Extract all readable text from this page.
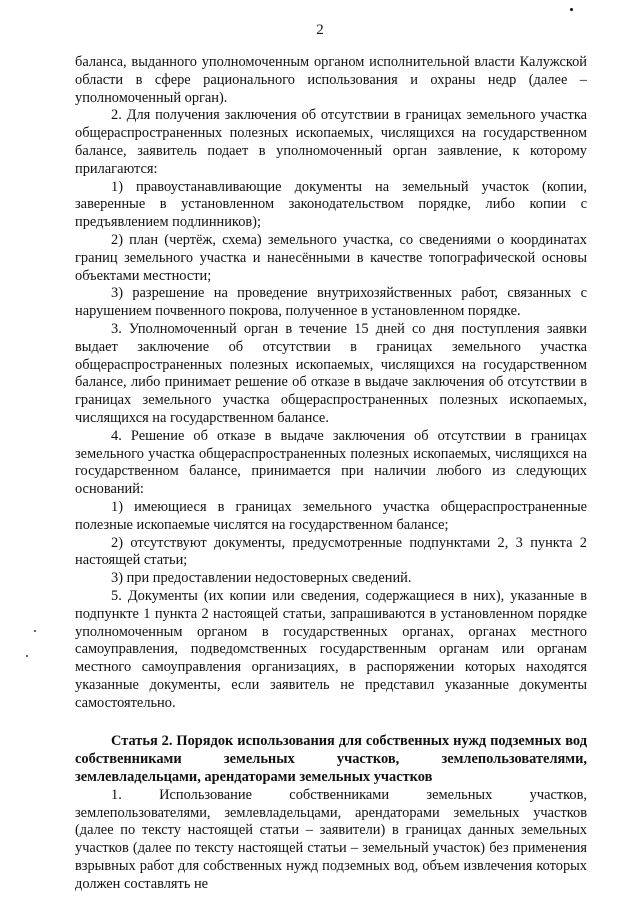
2

баланса, выданного уполномоченным органом исполнительной власти Калужской области в сфере рационального использования и охраны недр (далее – уполномоченный орган).

2. Для получения заключения об отсутствии в границах земельного участка общераспространенных полезных ископаемых, числящихся на государственном балансе, заявитель подает в уполномоченный орган заявление, к которому прилагаются:

1) правоустанавливающие документы на земельный участок (копии, заверенные в установленном законодательством порядке, либо копии с предъявлением подлинников);

2) план (чертёж, схема) земельного участка, со сведениями о координатах границ земельного участка и нанесёнными в качестве топографической основы объектами местности;

3) разрешение на проведение внутрихозяйственных работ, связанных с нарушением почвенного покрова, полученное в установленном порядке.

3. Уполномоченный орган в течение 15 дней со дня поступления заявки выдает заключение об отсутствии в границах земельного участка общераспространенных полезных ископаемых, числящихся на государственном балансе, либо принимает решение об отказе в выдаче заключения об отсутствии в границах земельного участка общераспространенных полезных ископаемых, числящихся на государственном балансе.

4. Решение об отказе в выдаче заключения об отсутствии в границах земельного участка общераспространенных полезных ископаемых, числящихся на государственном балансе, принимается при наличии любого из следующих оснований:

1) имеющиеся в границах земельного участка общераспространенные полезные ископаемые числятся на государственном балансе;

2) отсутствуют документы, предусмотренные подпунктами 2, 3 пункта 2 настоящей статьи;

3) при предоставлении недостоверных сведений.

5. Документы (их копии или сведения, содержащиеся в них), указанные в подпункте 1 пункта 2 настоящей статьи, запрашиваются в установленном порядке уполномоченным органом в государственных органах, органах местного самоуправления, подведомственных государственным органам или органам местного самоуправления организациях, в распоряжении которых находятся указанные документы, если заявитель не представил указанные документы самостоятельно.

Статья 2. Порядок использования для собственных нужд подземных вод собственниками земельных участков, землепользователями, землевладельцами, арендаторами земельных участков

1. Использование собственниками земельных участков, землепользователями, землевладельцами, арендаторами земельных участков (далее по тексту настоящей статьи – заявители) в границах данных земельных участков (далее по тексту настоящей статьи – земельный участок) без применения взрывных работ для собственных нужд подземных вод, объем извлечения которых должен составлять не
